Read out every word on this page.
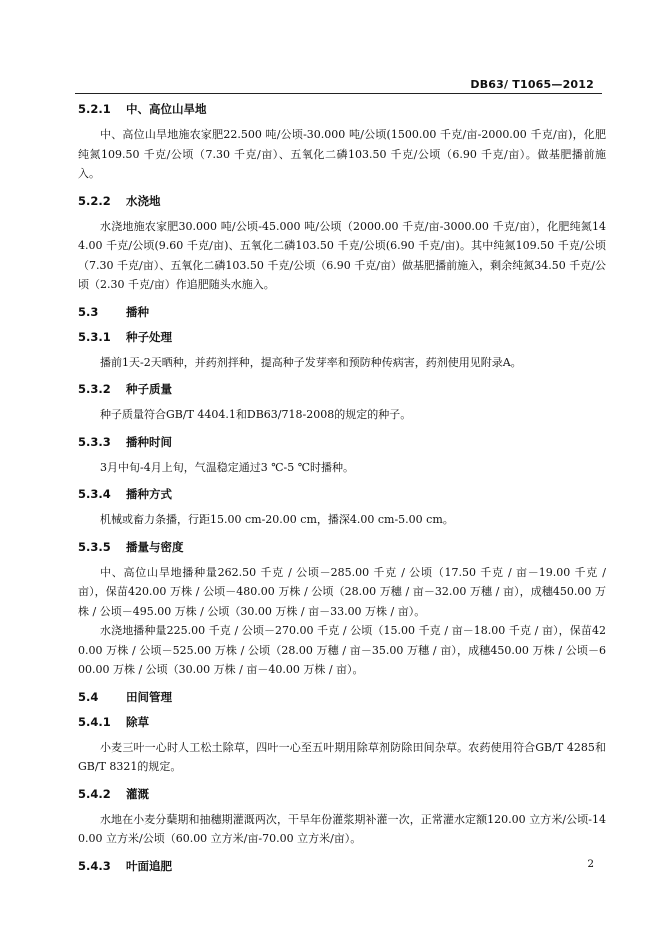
DB63/ T1065—2012
5.2.1 中、高位山旱地

中、高位山旱地施农家肥22.500 吨/公顷-30.000 吨/公顷(1500.00 千克/亩-2000.00 千克/亩)，化肥纯氮109.50 千克/公顷（7.30 千克/亩）、五氧化二磷103.50 千克/公顷（6.90 千克/亩）。做基肥播前施入。

5.2.2 水浇地

水浇地施农家肥30.000 吨/公顷-45.000 吨/公顷（2000.00 千克/亩-3000.00 千克/亩），化肥纯氮144.00 千克/公顷(9.60 千克/亩)、五氧化二磷103.50 千克/公顷(6.90 千克/亩)。其中纯氮109.50 千克/公顷（7.30 千克/亩）、五氧化二磷103.50 千克/公顷（6.90 千克/亩）做基肥播前施入，剩余纯氮34.50 千克/公顷（2.30 千克/亩）作追肥随头水施入。

5.3 播种
5.3.1 种子处理

播前1天-2天晒种，并药剂拌种，提高种子发芽率和预防种传病害，药剂使用见附录A。

5.3.2 种子质量

种子质量符合GB/T 4404.1和DB63/718-2008的规定的种子。

5.3.3 播种时间

3月中旬-4月上旬，气温稳定通过3 ℃-5 ℃时播种。

5.3.4 播种方式

机械或畜力条播，行距15.00 cm-20.00 cm，播深4.00 cm-5.00 cm。

5.3.5 播量与密度

中、高位山旱地播种量262.50 千克 / 公顷－285.00 千克 / 公顷（17.50 千克 / 亩－19.00 千克 / 亩），保苗420.00 万株 / 公顷－480.00 万株 / 公顷（28.00 万穗 / 亩－32.00 万穗 / 亩），成穗450.00 万株 / 公顷－495.00 万株 / 公顷（30.00 万株 / 亩－33.00 万株 / 亩）。

水浇地播种量225.00 千克 / 公顷－270.00 千克 / 公顷（15.00 千克 / 亩－18.00 千克 / 亩），保苗420.00 万株 / 公顷－525.00 万株 / 公顷（28.00 万穗 / 亩－35.00 万穗 / 亩），成穗450.00 万株 / 公顷－600.00 万株 / 公顷（30.00 万株 / 亩－40.00 万株 / 亩）。

5.4 田间管理
5.4.1 除草

小麦三叶一心时人工松土除草，四叶一心至五叶期用除草剂防除田间杂草。农药使用符合GB/T 4285和GB/T 8321的规定。

5.4.2 灌溉

水地在小麦分蘖期和抽穗期灌溉两次，干旱年份灌浆期补灌一次，正常灌水定额120.00 立方米/公顷-140.00 立方米/公顷（60.00 立方米/亩-70.00 立方米/亩）。

5.4.3 叶面追肥	2
